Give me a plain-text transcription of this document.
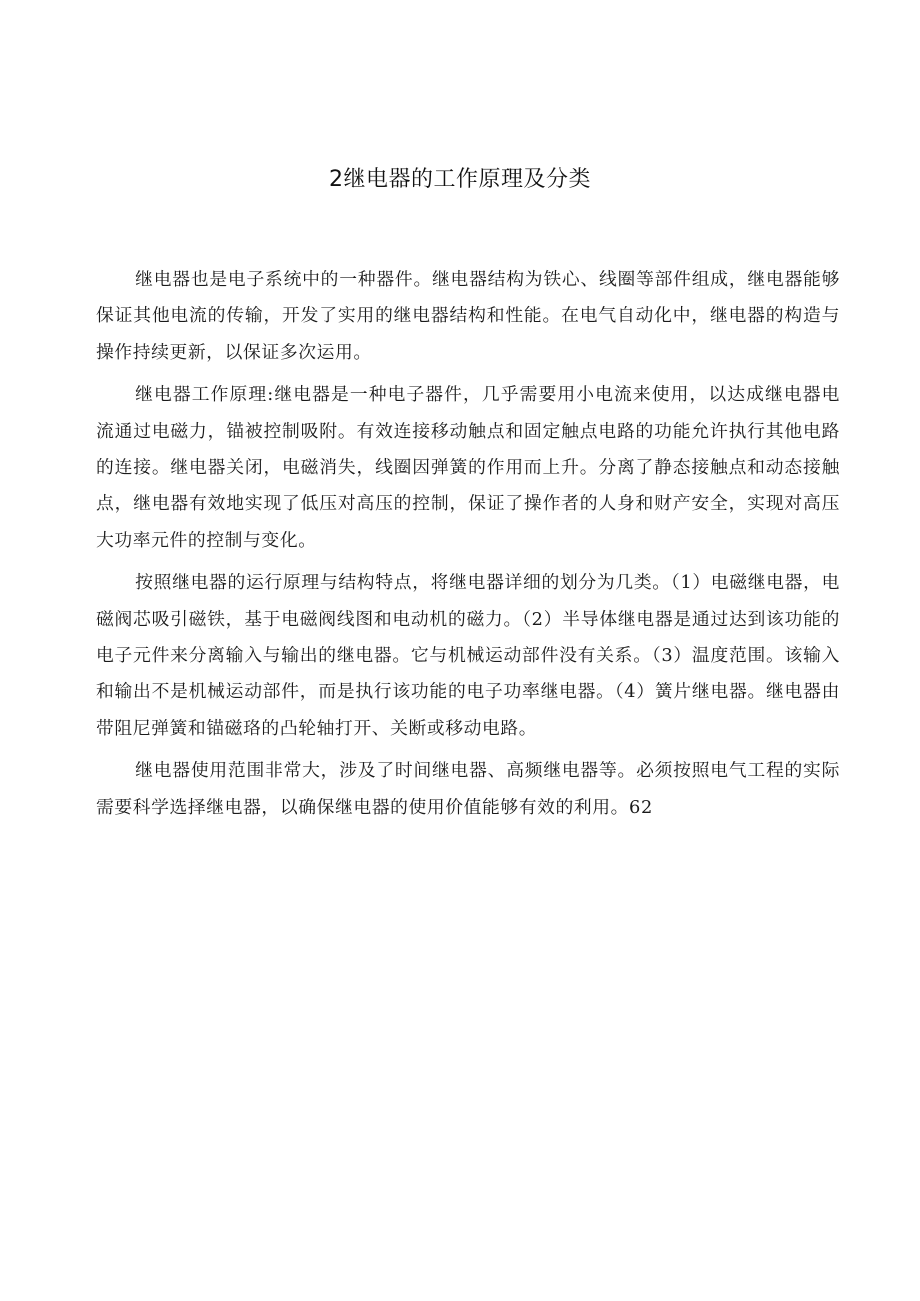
2继电器的工作原理及分类

继电器也是电子系统中的一种器件。继电器结构为铁心、线圈等部件组成，继电器能够保证其他电流的传输，开发了实用的继电器结构和性能。在电气自动化中，继电器的构造与操作持续更新，以保证多次运用。

继电器工作原理:继电器是一种电子器件，几乎需要用小电流来使用，以达成继电器电流通过电磁力，锚被控制吸附。有效连接移动触点和固定触点电路的功能允许执行其他电路的连接。继电器关闭，电磁消失，线圈因弹簧的作用而上升。分离了静态接触点和动态接触点，继电器有效地实现了低压对高压的控制，保证了操作者的人身和财产安全，实现对高压大功率元件的控制与变化。

按照继电器的运行原理与结构特点，将继电器详细的划分为几类。（1）电磁继电器，电磁阀芯吸引磁铁，基于电磁阀线图和电动机的磁力。（2）半导体继电器是通过达到该功能的电子元件来分离输入与输出的继电器。它与机械运动部件没有关系。（3）温度范围。该输入和输出不是机械运动部件，而是执行该功能的电子功率继电器。（4）簧片继电器。继电器由带阻尼弹簧和锚磁珞的凸轮轴打开、关断或移动电路。

继电器使用范围非常大，涉及了时间继电器、高频继电器等。必须按照电气工程的实际需要科学选择继电器，以确保继电器的使用价值能够有效的利用。62
